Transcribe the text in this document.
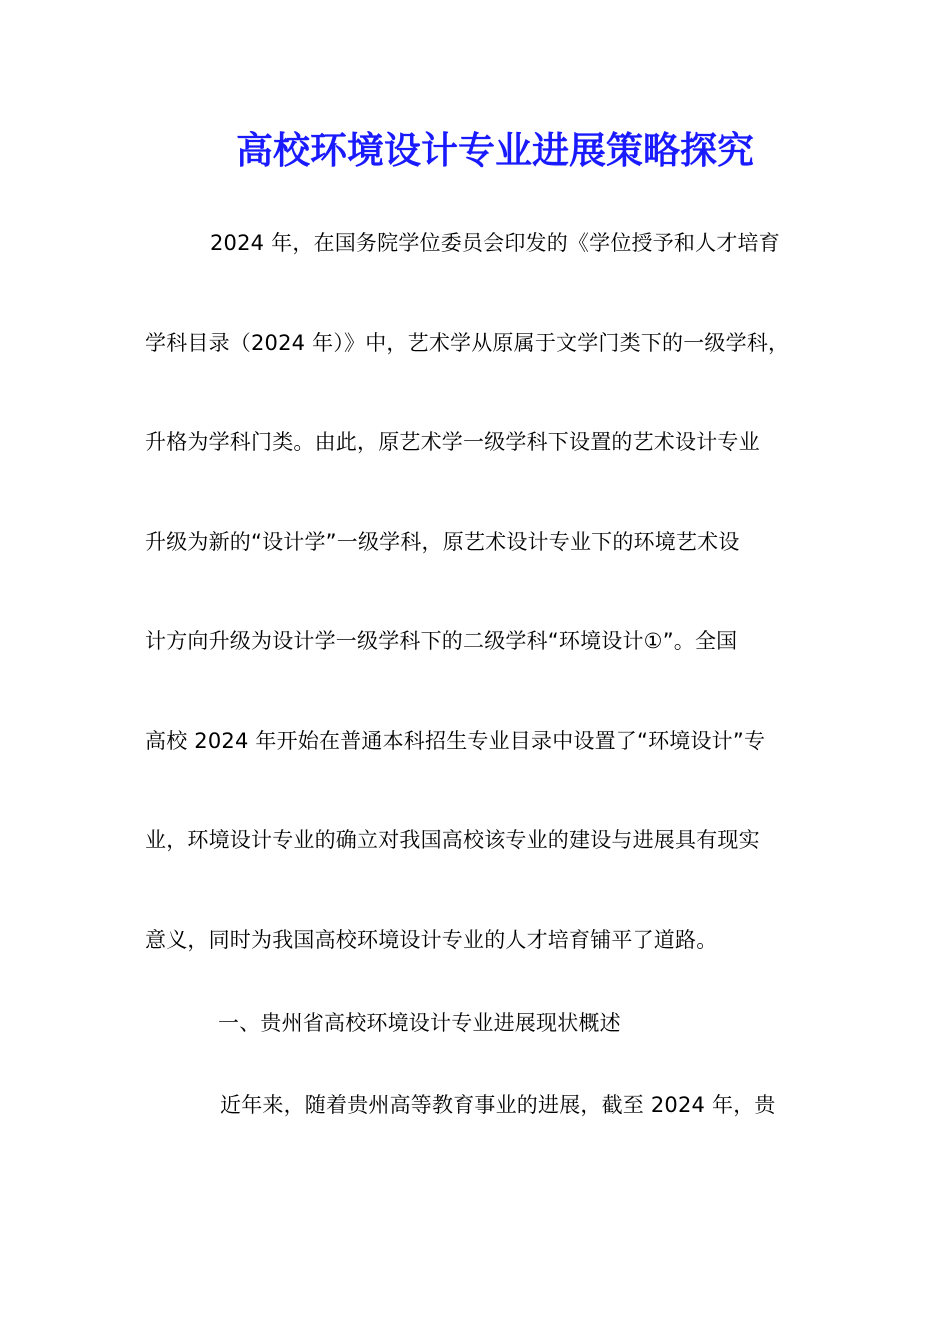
高校环境设计专业进展策略探究
2024 年，在国务院学位委员会印发的《学位授予和人才培育
学科目录（2024 年）》中，艺术学从原属于文学门类下的一级学科，
升格为学科门类。由此，原艺术学一级学科下设置的艺术设计专业
升级为新的“设计学”一级学科，原艺术设计专业下的环境艺术设
计方向升级为设计学一级学科下的二级学科“环境设计①”。全国
高校 2024 年开始在普通本科招生专业目录中设置了“环境设计”专
业，环境设计专业的确立对我国高校该专业的建设与进展具有现实
意义，同时为我国高校环境设计专业的人才培育铺平了道路。
一、贵州省高校环境设计专业进展现状概述
近年来，随着贵州高等教育事业的进展，截至 2024 年，贵
